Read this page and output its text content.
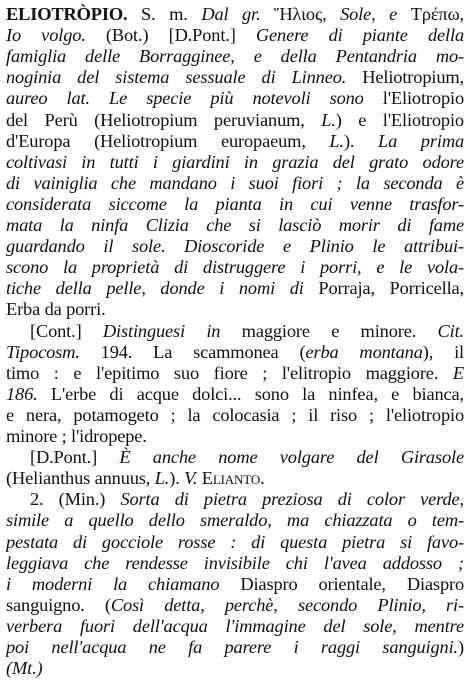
ELIOTRÒPIO. S. m. Dal gr. Ἥλιος, Sole, e Τρέπω,
Io volgo. (Bot.) [D.Pont.] Genere di piante della
famiglia delle Borragginee, e della Pentandria mo-
noginia del sistema sessuale di Linneo. Heliotropium,
aureo lat. Le specie più notevoli sono l'Eliotropio
del Perù (Heliotropium peruvianum, L.) e l'Eliotropio
d'Europa (Heliotropium europaeum, L.). La prima
coltivasi in tutti i giardini in grazia del grato odore
di vainiglia che mandano i suoi fiori ; la seconda è
considerata siccome la pianta in cui venne trasfor-
mata la ninfa Clizia che si lasciò morir di fame
guardando il sole. Dioscoride e Plinio le attribui-
scono la proprietà di distruggere i porri, e le vola-
tiche della pelle, donde i nomi di Porraja, Porricella,
Erba da porri.
[Cont.] Distinguesi in maggiore e minore. Cit.
Tipocosm. 194. La scammonea (erba montana), il
timo : e l'epitimo suo fiore ; l'elitropio maggiore. E
186. L'erbe di acque dolci... sono la ninfea, e bianca,
e nera, potamogeto ; la colocasia ; il riso ; l'eliotropio
minore ; l'idropepe.
[D.Pont.] È anche nome volgare del Girasole
(Helianthus annuus, L.). V. Elianto.
2. (Min.) Sorta di pietra preziosa di color verde,
simile a quello dello smeraldo, ma chiazzata o tem-
pestata di gocciole rosse : di questa pietra si favo-
leggiava che rendesse invisibile chi l'avea addosso ;
i moderni la chiamano Diaspro orientale, Diaspro
sanguigno. (Così detta, perchè, secondo Plinio, ri-
verbera fuori dell'acqua l'immagine del sole, mentre
poi nell'acqua ne fa parere i raggi sanguigni.)
(Mt.)
